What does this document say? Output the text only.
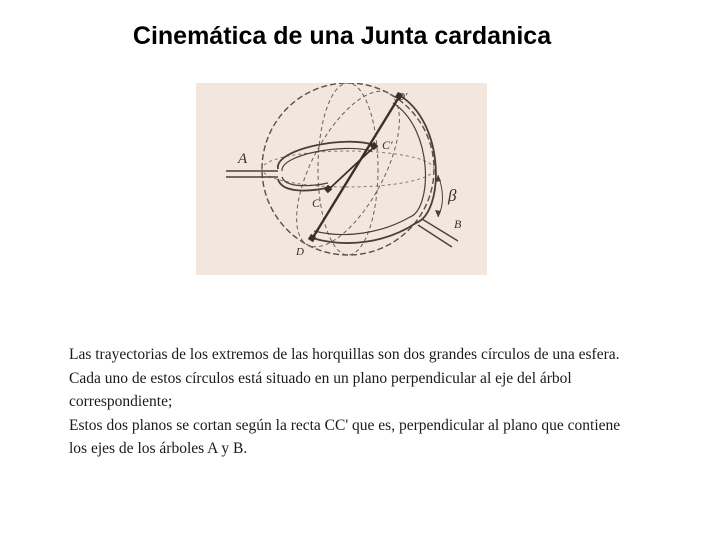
Cinemática de una Junta cardanica
A
B
C
C'
D
D'
β
Las trayectorias de los extremos de las horquillas son dos grandes círculos de una esfera.
Cada uno de estos círculos está situado en un plano perpendicular al eje del árbol
correspondiente;
Estos dos planos se cortan según la recta CC' que es, perpendicular al plano que contiene
los ejes de los árboles A y B.
